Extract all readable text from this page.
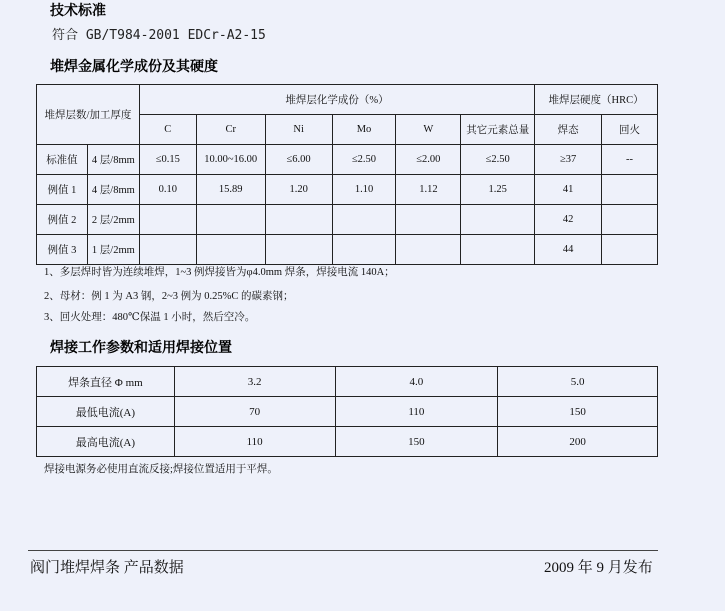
技术标准
符合 GB/T984-2001 EDCr-A2-15
堆焊金属化学成份及其硬度
堆焊层数/加工厚度		堆焊层化学成份（%）						堆焊层硬度（HRC）	
		C	Cr	Ni	Mo	W	其它元素总量	焊态	回火
标准值	4 层/8mm	≤0.15	10.00~16.00	≤6.00	≤2.50	≤2.00	≤2.50	≥37	--
例值 1	4 层/8mm	0.10	15.89	1.20	1.10	1.12	1.25	41	
例值 2	2 层/2mm							42	
例值 3	1 层/2mm							44	
1、多层焊时皆为连续堆焊，1~3 例焊接皆为φ4.0mm 焊条，焊接电流 140A；
2、母材：例 1 为 A3 钢，2~3 例为 0.25%C 的碳素钢；
3、回火处理：480℃保温 1 小时，然后空冷。
焊接工作参数和适用焊接位置
焊条直径 Φ mm	3.2	4.0	5.0
最低电流(A)	70	110	150
最高电流(A)	110	150	200
焊接电源务必使用直流反接;焊接位置适用于平焊。
阀门堆焊焊条 产品数据	2009 年 9 月发布
